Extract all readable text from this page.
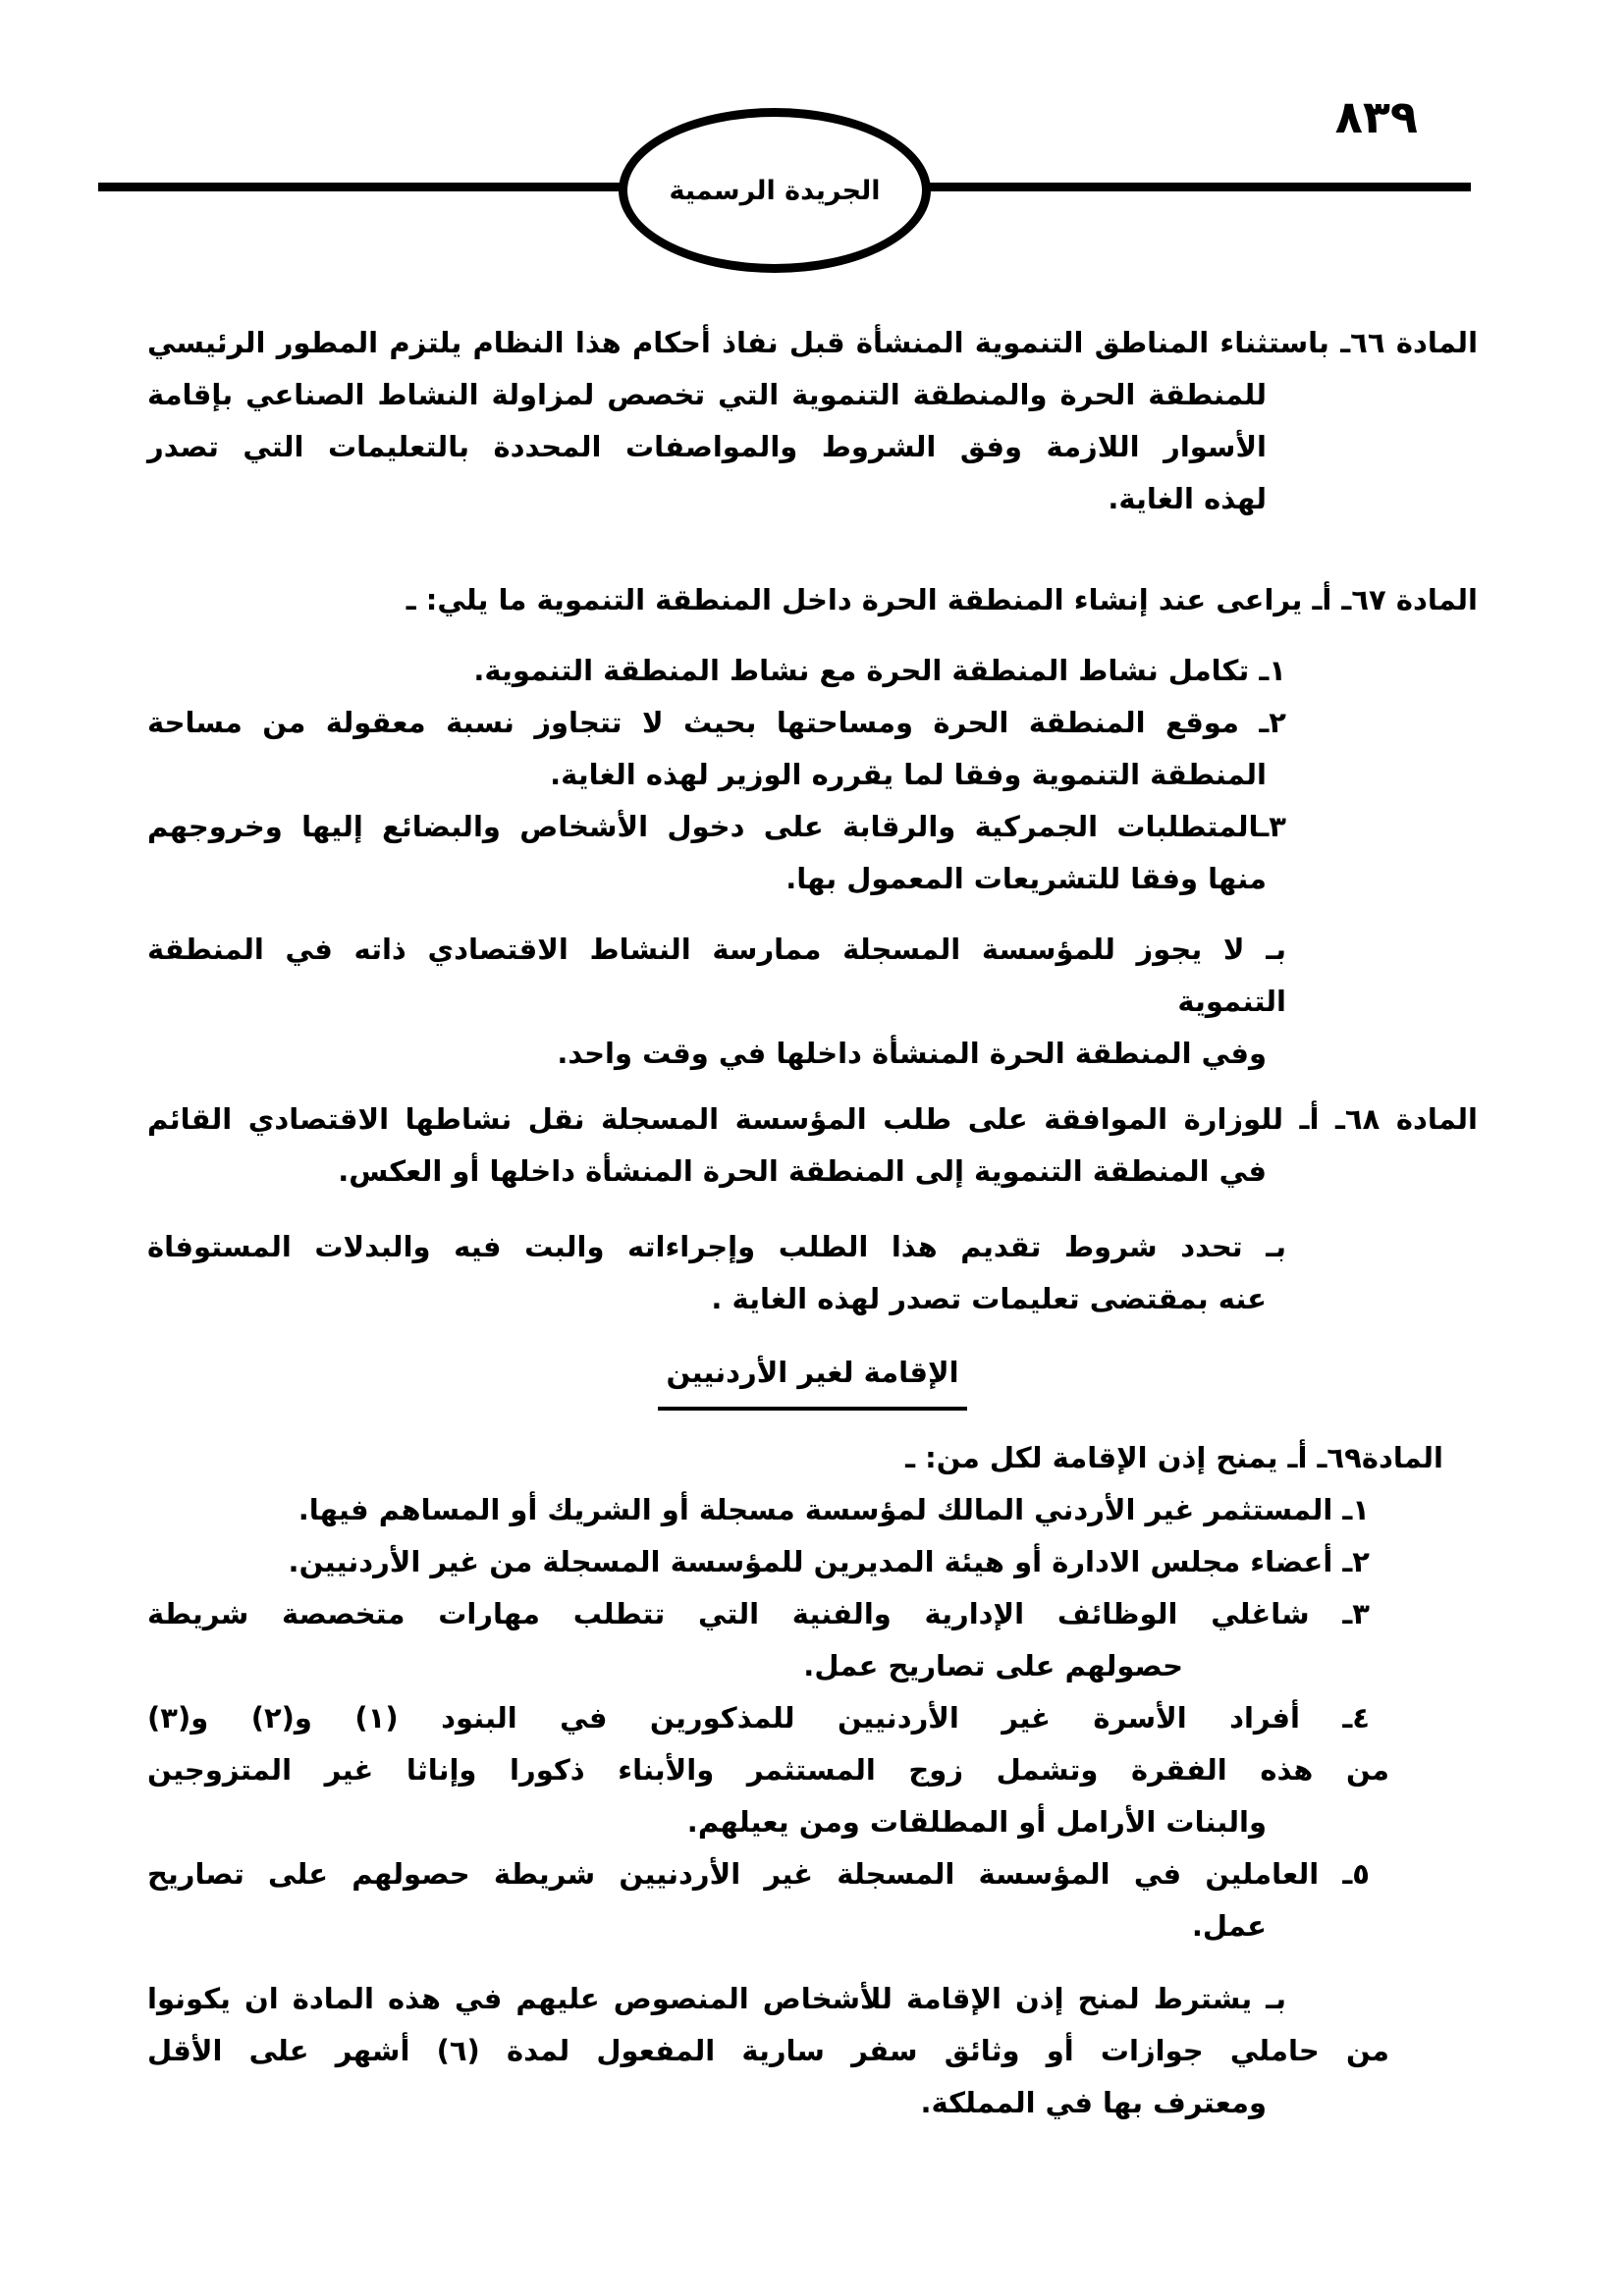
الجريدة الرسمية
٨٣٩
المادة ٦٦ـ باستثناء المناطق التنموية المنشأة قبل نفاذ أحكام هذا النظام يلتزم المطور الرئيسي
للمنطقة الحرة والمنطقة التنموية التي تخصص لمزاولة النشاط الصناعي بإقامة
الأسوار اللازمة وفق الشروط والمواصفات المحددة بالتعليمات التي تصدر
لهذه الغاية.
المادة ٦٧ـ أـ يراعى عند إنشاء المنطقة الحرة داخل المنطقة التنموية ما يلي: ـ
١ـ تكامل نشاط المنطقة الحرة مع نشاط المنطقة التنموية.
٢ـ موقع المنطقة الحرة ومساحتها بحيث لا تتجاوز نسبة معقولة من مساحة
المنطقة التنموية وفقا لما يقرره الوزير لهذه الغاية.
٣ـالمتطلبات الجمركية والرقابة على دخول الأشخاص والبضائع إليها وخروجهم
منها وفقا للتشريعات المعمول بها.
بـ لا يجوز للمؤسسة المسجلة ممارسة النشاط الاقتصادي ذاته في المنطقة التنموية
وفي المنطقة الحرة المنشأة داخلها في وقت واحد.
المادة ٦٨ـ أـ للوزارة الموافقة على طلب المؤسسة المسجلة نقل نشاطها الاقتصادي القائم
في المنطقة التنموية إلى المنطقة الحرة المنشأة داخلها أو العكس.
بـ تحدد شروط تقديم هذا الطلب وإجراءاته والبت فيه والبدلات المستوفاة
عنه بمقتضى تعليمات تصدر لهذه الغاية .
الإقامة لغير الأردنيين
المادة٦٩ـ أـ يمنح إذن الإقامة لكل من: ـ
١ـ المستثمر غير الأردني المالك لمؤسسة مسجلة أو الشريك أو المساهم فيها.
٢ـ أعضاء مجلس الادارة أو هيئة المديرين للمؤسسة المسجلة من غير الأردنيين.
٣ـ شاغلي الوظائف الإدارية والفنية التي تتطلب مهارات متخصصة شريطة
حصولهم على تصاريح عمل.
٤ـ أفراد الأسرة غير الأردنيين للمذكورين في البنود (١) و(٢) و(٣)
من هذه الفقرة وتشمل زوج المستثمر والأبناء ذكورا وإناثا غير المتزوجين
والبنات الأرامل أو المطلقات ومن يعيلهم.
٥ـ العاملين في المؤسسة المسجلة غير الأردنيين شريطة حصولهم على تصاريح
عمل.
بـ يشترط لمنح إذن الإقامة للأشخاص المنصوص عليهم في هذه المادة ان يكونوا
من حاملي جوازات أو وثائق سفر سارية المفعول لمدة (٦) أشهر على الأقل
ومعترف بها في المملكة.
